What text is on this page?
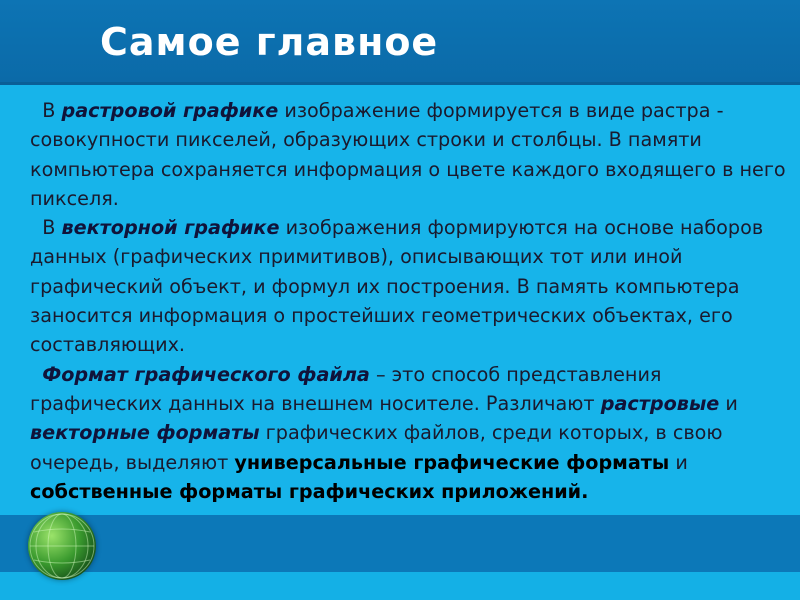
Самое главное

В растровой графике изображение формируется в виде растра - совокупности пикселей, образующих строки и столбцы. В памяти компьютера сохраняется информация о цвете каждого входящего в него пикселя.

В векторной графике изображения формируются на основе наборов данных (графических примитивов), описывающих тот или иной графический объект, и формул их построения. В память компьютера заносится информация о простейших геометрических объектах, его составляющих.

Формат графического файла – это способ представления графических данных на внешнем носителе. Различают растровые и векторные форматы графических файлов, среди которых, в свою очередь, выделяют универсальные графические форматы и собственные форматы графических приложений.
